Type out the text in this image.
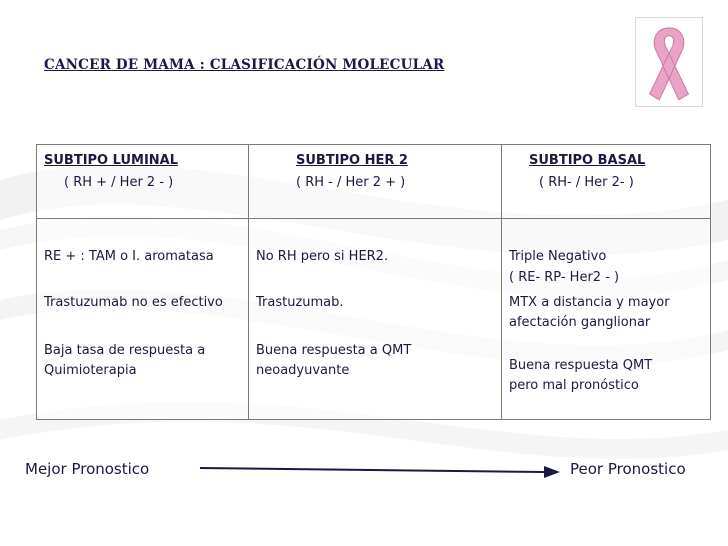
CANCER DE MAMA : CLASIFICACIÓN MOLECULAR
SUBTIPO LUMINAL
( RH + / Her 2 - )
SUBTIPO HER 2
( RH - / Her 2 + )
SUBTIPO BASAL
( RH- / Her 2- )
RE + : TAM o I. aromatasa
Trastuzumab no es efectivo
Baja tasa de respuesta a
Quimioterapia
No RH pero si HER2.
Trastuzumab.
Buena respuesta a QMT
neoadyuvante
Triple Negativo
( RE- RP- Her2 - )
MTX a distancia y mayor
afectación ganglionar
Buena respuesta QMT
pero mal pronóstico
Mejor Pronostico	Peor Pronostico
